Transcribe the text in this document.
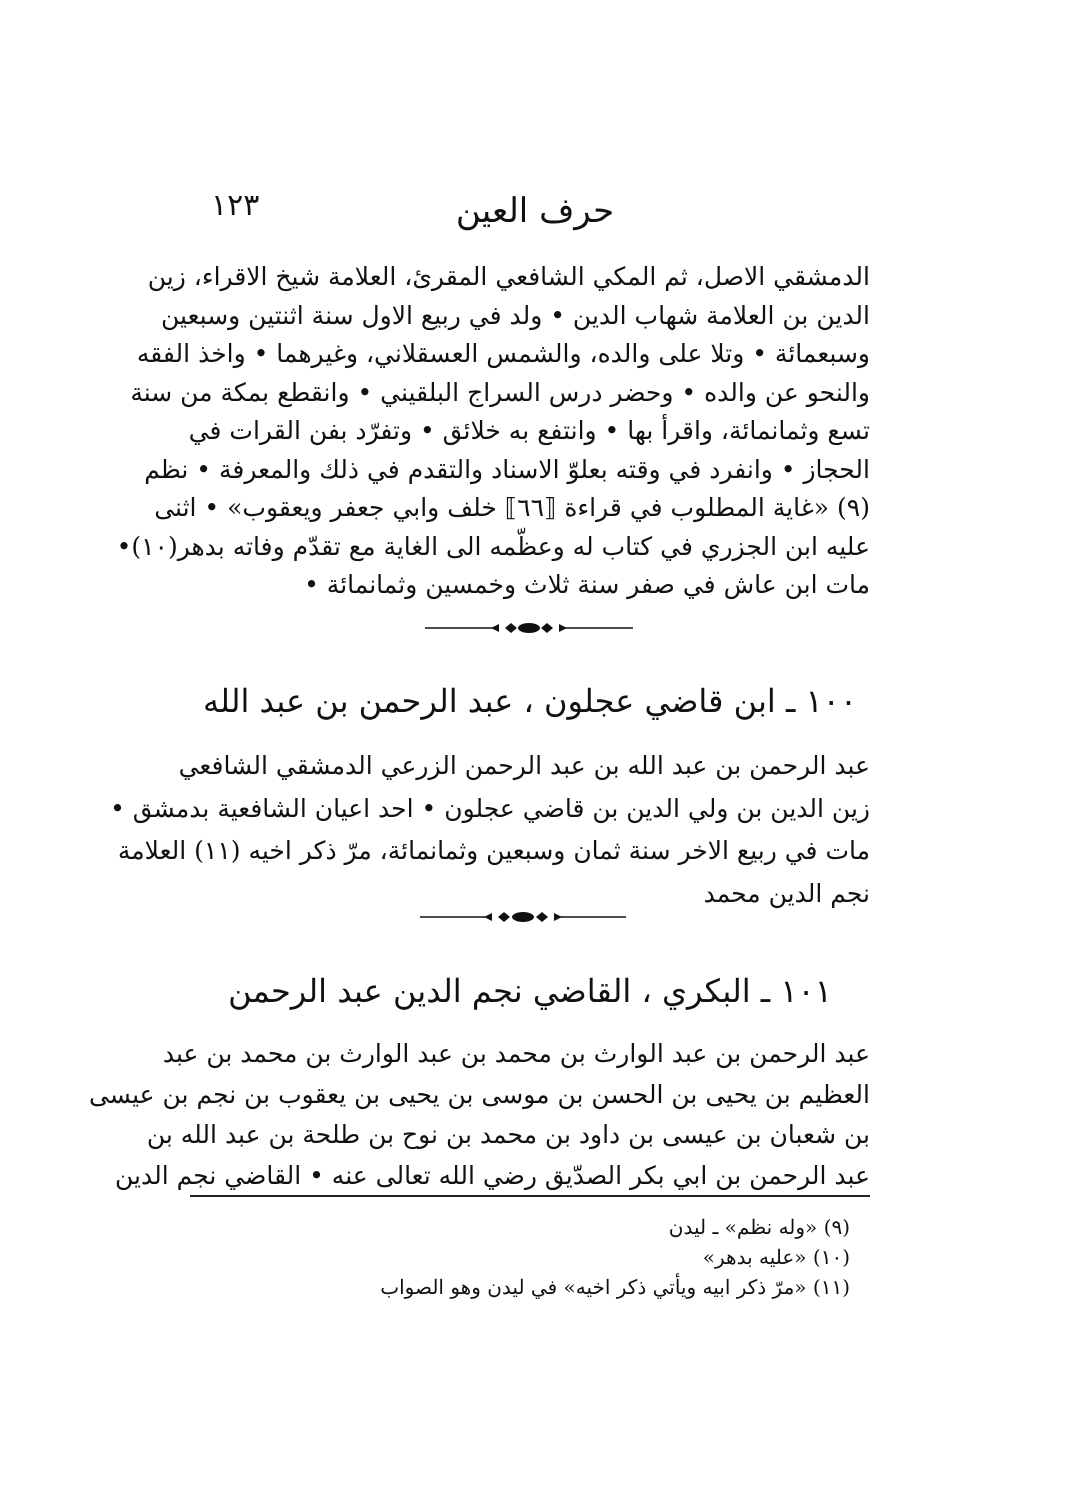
حرف العين
١٢٣
الدمشقي الاصل، ثم المكي الشافعي المقرئ، العلامة شيخ الاقراء، زين
الدين بن العلامة شهاب الدين • ولد في ربيع الاول سنة اثنتين وسبعين
وسبعمائة • وتلا على والده، والشمس العسقلاني، وغيرهما • واخذ الفقه
والنحو عن والده • وحضر درس السراج البلقيني • وانقطع بمكة من سنة
تسع وثمانمائة، واقرأ بها • وانتفع به خلائق • وتفرّد بفن القرات في
الحجاز • وانفرد في وقته بعلوّ الاسناد والتقدم في ذلك والمعرفة • نظم
(٩) «غاية المطلوب في قراءة ⟦٦٦⟧ خلف وابي جعفر ويعقوب» • اثنى
عليه ابن الجزري في كتاب له وعظّمه الى الغاية مع تقدّم وفاته بدهر(١٠)•
مات ابن عاش في صفر سنة ثلاث وخمسين وثمانمائة •
١٠٠ ـ ابن قاضي عجلون ، عبد الرحمن بن عبد الله
عبد الرحمن بن عبد الله بن عبد الرحمن الزرعي الدمشقي الشافعي
زين الدين بن ولي الدين بن قاضي عجلون • احد اعيان الشافعية بدمشق •
مات في ربيع الاخر سنة ثمان وسبعين وثمانمائة، مرّ ذكر اخيه (١١) العلامة
نجم الدين محمد
١٠١ ـ البكري ، القاضي نجم الدين عبد الرحمن
عبد الرحمن بن عبد الوارث بن محمد بن عبد الوارث بن محمد بن عبد
العظيم بن يحيى بن الحسن بن موسى بن يحيى بن يعقوب بن نجم بن عيسى
بن شعبان بن عيسى بن داود بن محمد بن نوح بن طلحة بن عبد الله بن
عبد الرحمن بن ابي بكر الصدّيق رضي الله تعالى عنه • القاضي نجم الدين
(٩) «وله نظم» ـ ليدن
(١٠) «عليه بدهر»
(١١) «مرّ ذكر ابيه ويأتي ذكر اخيه» في ليدن وهو الصواب
